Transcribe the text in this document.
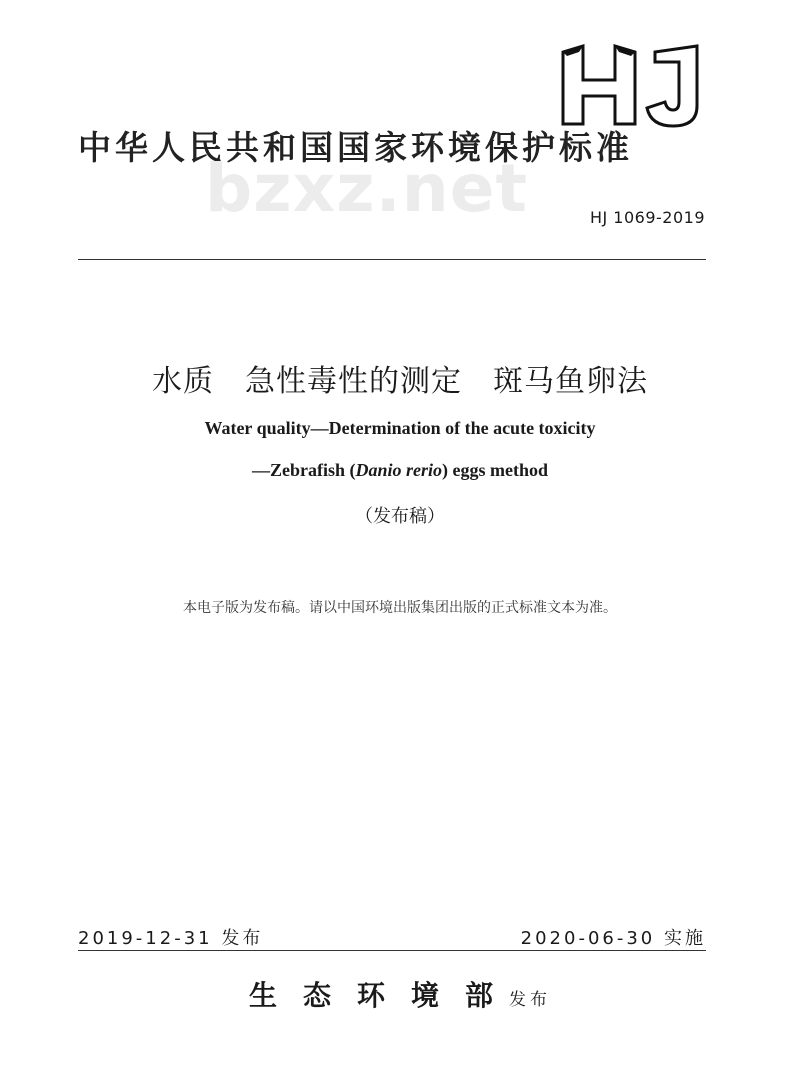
中华人民共和国国家环境保护标准
bzxz.net	HJ 1069-2019
水质　急性毒性的测定　斑马鱼卵法
Water quality—Determination of the acute toxicity
—Zebrafish (Danio rerio) eggs method
（发布稿）
本电子版为发布稿。请以中国环境出版集团出版的正式标准文本为准。
2019-12-31 发布	2020-06-30 实施
生态环境部发布
